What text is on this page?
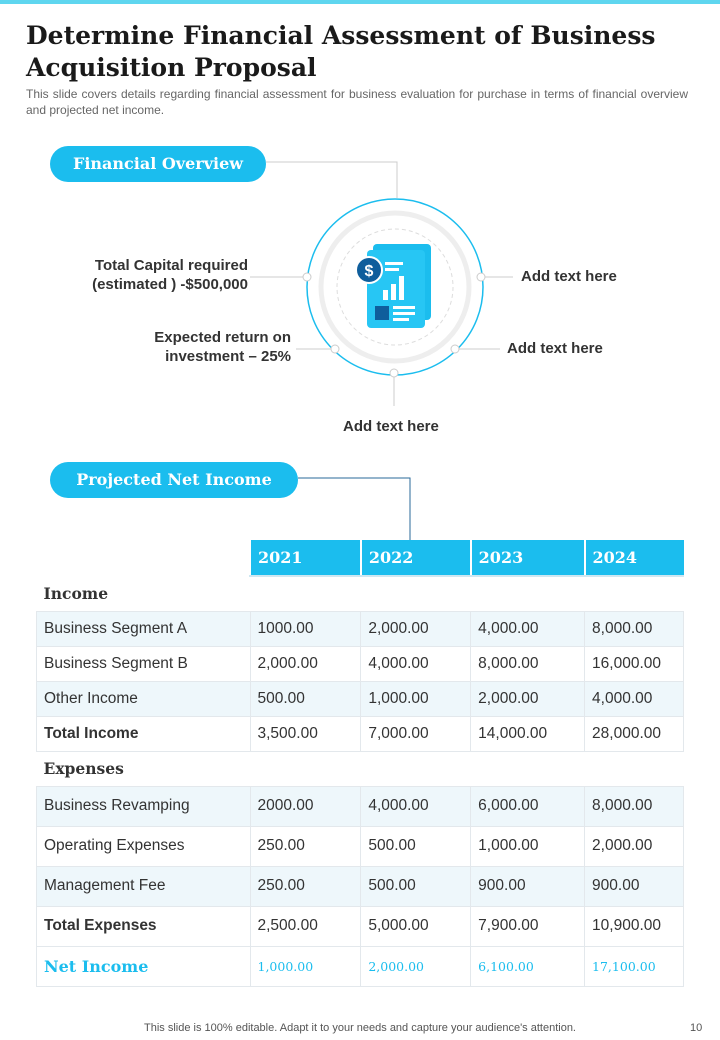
Determine Financial Assessment of Business Acquisition Proposal
This slide covers details regarding financial assessment for business evaluation for purchase in terms of financial overview and projected net income.
Financial Overview
Total Capital required
(estimated ) -$500,000
Expected return on
investment – 25%
Add text here
Add text here
Add text here
$
Projected Net Income
	2021	2022	2023	2024
Income				
Business Segment A	1000.00	2,000.00	4,000.00	8,000.00
Business Segment B	2,000.00	4,000.00	8,000.00	16,000.00
Other Income	500.00	1,000.00	2,000.00	4,000.00
Total Income	3,500.00	7,000.00	14,000.00	28,000.00
Expenses				
Business Revamping	2000.00	4,000.00	6,000.00	8,000.00
Operating Expenses	250.00	500.00	1,000.00	2,000.00
Management Fee	250.00	500.00	900.00	900.00
Total Expenses	2,500.00	5,000.00	7,900.00	10,900.00
Net Income	1,000.00	2,000.00	6,100.00	17,100.00
This slide is 100% editable. Adapt it to your needs and capture your audience's attention.	10
